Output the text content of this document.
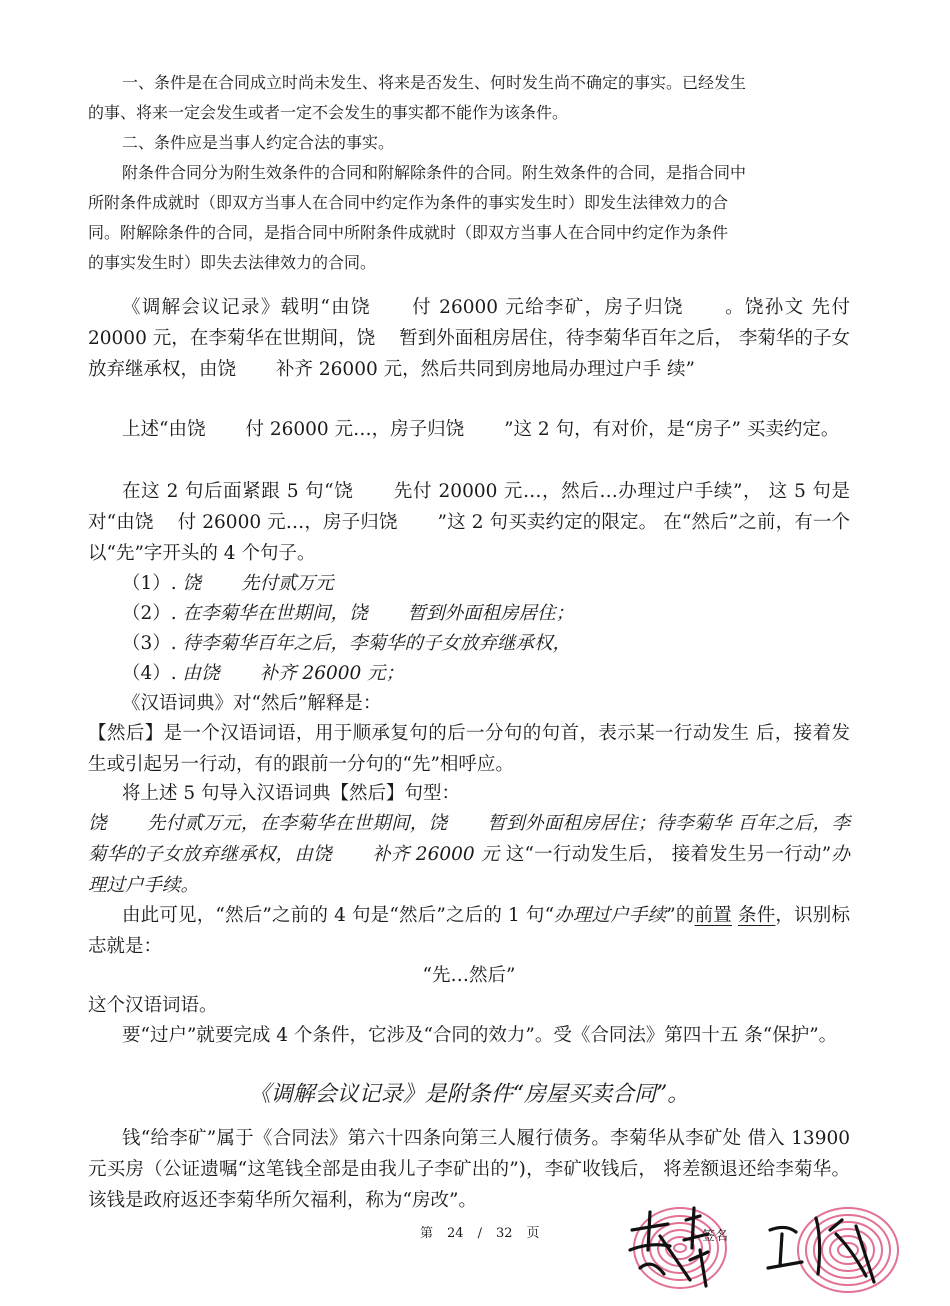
一、条件是在合同成立时尚未发生、将来是否发生、何时发生尚不确定的事实。已经发生

的事、将来一定会发生或者一定不会发生的事实都不能作为该条件。

二、条件应是当事人约定合法的事实。

附条件合同分为附生效条件的合同和附解除条件的合同。附生效条件的合同，是指合同中

所附条件成就时（即双方当事人在合同中约定作为条件的事实发生时）即发生法律效力的合

同。附解除条件的合同，是指合同中所附条件成就时（即双方当事人在合同中约定作为条件

的事实发生时）即失去法律效力的合同。

《调解会议记录》载明“由饶 付 26000 元给李矿，房子归饶 。饶孙文 先付 20000 元，在李菊华在世期间，饶 暂到外面租房居住，待李菊华百年之后， 李菊华的子女放弃继承权，由饶 补齐 26000 元，然后共同到房地局办理过户手 续”

上述“由饶 付 26000 元…，房子归饶 ”这 2 句，有对价，是“房子” 买卖约定。

在这 2 句后面紧跟 5 句“饶 先付 20000 元…，然后…办理过户手续”， 这 5 句是对“由饶 付 26000 元…，房子归饶 ”这 2 句买卖约定的限定。 在“然后”之前，有一个以“先”字开头的 4 个句子。

（1）. 饶 先付贰万元

（2）. 在李菊华在世期间，饶 暂到外面租房居住；

（3）. 待李菊华百年之后，李菊华的子女放弃继承权，

（4）. 由饶 补齐 26000 元；

《汉语词典》对“然后”解释是：

【然后】是一个汉语词语，用于顺承复句的后一分句的句首，表示某一行动发生 后，接着发生或引起另一行动，有的跟前一分句的“先”相呼应。

将上述 5 句导入汉语词典【然后】句型：

饶 先付贰万元，在李菊华在世期间，饶 暂到外面租房居住；待李菊华 百年之后，李菊华的子女放弃继承权，由饶 补齐 26000 元 这“一行动发生后， 接着发生另一行动”办理过户手续。

由此可见，“然后”之前的 4 句是“然后”之后的 1 句“办理过户手续”的前置 条件，识别标志就是：

“先…然后”

这个汉语词语。

要“过户”就要完成 4 个条件，它涉及“合同的效力”。受《合同法》第四十五 条“保护”。

《调解会议记录》是附条件“房屋买卖合同”。

钱“给李矿”属于《合同法》第六十四条向第三人履行债务。李菊华从李矿处 借入 13900 元买房（公证遗嘱“这笔钱全部是由我儿子李矿出的”)，李矿收钱后， 将差额退还给李菊华。该钱是政府返还李菊华所欠福利，称为“房改”。

第 24 / 32 页	签名
